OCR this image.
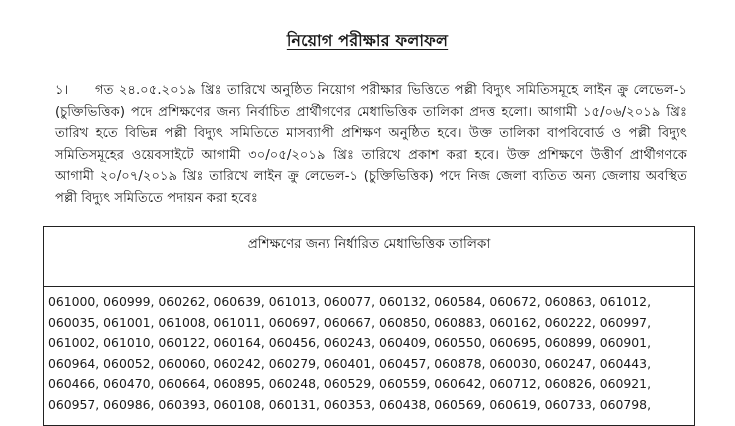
নিয়োগ পরীক্ষার ফলাফল
১। গত ২৪.০৫.২০১৯ খ্রিঃ তারিখে অনুষ্ঠিত নিয়োগ পরীক্ষার ভিত্তিতে পল্লী বিদ্যুৎ সমিতিসমূহে লাইন ক্রু লেভেল-১ (চুক্তিভিত্তিক) পদে প্রশিক্ষণের জন্য নির্বাচিত প্রার্থীগণের মেধাভিত্তিক তালিকা প্রদত্ত হলো। আগামী ১৫/০৬/২০১৯ খ্রিঃ তারিখ হতে বিভিন্ন পল্লী বিদ্যুৎ সমিতিতে মাসব্যাপী প্রশিক্ষণ অনুষ্ঠিত হবে। উক্ত তালিকা বাপবিবোর্ড ও পল্লী বিদ্যুৎ সমিতিসমূহের ওয়েবসাইটে আগামী ৩০/০৫/২০১৯ খ্রিঃ তারিখে প্রকাশ করা হবে। উক্ত প্রশিক্ষণে উত্তীর্ণ প্রার্থীগণকে আগামী ২০/০৭/২০১৯ খ্রিঃ তারিখে লাইন ক্রু লেভেল-১ (চুক্তিভিত্তিক) পদে নিজ জেলা ব্যতিত অন্য জেলায় অবস্থিত পল্লী বিদ্যুৎ সমিতিতে পদায়ন করা হবেঃ
প্রশিক্ষণের জন্য নির্ধারিত মেধাভিত্তিক তালিকা
061000, 060999, 060262, 060639, 061013, 060077, 060132, 060584, 060672, 060863, 061012,
060035, 061001, 061008, 061011, 060697, 060667, 060850, 060883, 060162, 060222, 060997,
061002, 061010, 060122, 060164, 060456, 060243, 060409, 060550, 060695, 060899, 060901,
060964, 060052, 060060, 060242, 060279, 060401, 060457, 060878, 060030, 060247, 060443,
060466, 060470, 060664, 060895, 060248, 060529, 060559, 060642, 060712, 060826, 060921,
060957, 060986, 060393, 060108, 060131, 060353, 060438, 060569, 060619, 060733, 060798,
